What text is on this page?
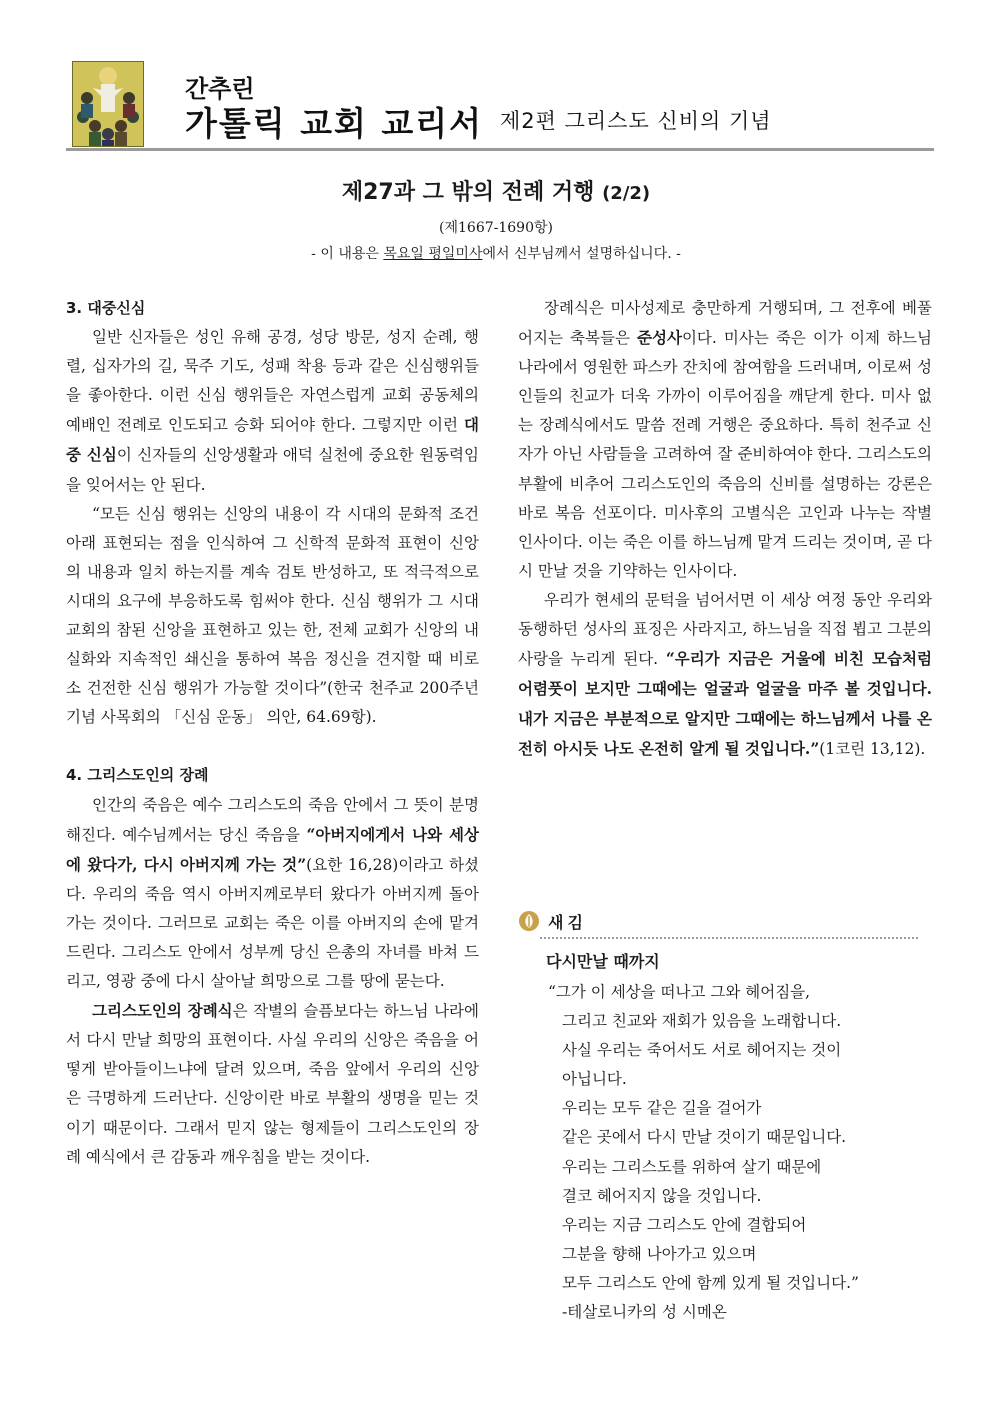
간추린
가톨릭 교회 교리서 제2편 그리스도 신비의 기념
제27과 그 밖의 전례 거행 (2/2)
(제1667-1690항)
- 이 내용은 목요일 평일미사에서 신부님께서 설명하십니다. -

3. 대중신심

일반 신자들은 성인 유해 공경, 성당 방문, 성지 순례, 행렬, 십자가의 길, 묵주 기도, 성패 착용 등과 같은 신심행위들을 좋아한다. 이런 신심 행위들은 자연스럽게 교회 공동체의 예배인 전례로 인도되고 승화 되어야 한다. 그렇지만 이런 대중 신심이 신자들의 신앙생활과 애덕 실천에 중요한 원동력임을 잊어서는 안 된다.

“모든 신심 행위는 신앙의 내용이 각 시대의 문화적 조건 아래 표현되는 점을 인식하여 그 신학적 문화적 표현이 신앙의 내용과 일치 하는지를 계속 검토 반성하고, 또 적극적으로 시대의 요구에 부응하도록 힘써야 한다. 신심 행위가 그 시대 교회의 참된 신앙을 표현하고 있는 한, 전체 교회가 신앙의 내실화와 지속적인 쇄신을 통하여 복음 정신을 견지할 때 비로소 건전한 신심 행위가 가능할 것이다”(한국 천주교 200주년 기념 사목회의 「신심 운동」 의안, 64.69항).

4. 그리스도인의 장례

인간의 죽음은 예수 그리스도의 죽음 안에서 그 뜻이 분명해진다. 예수님께서는 당신 죽음을 “아버지에게서 나와 세상에 왔다가, 다시 아버지께 가는 것”(요한 16,28)이라고 하셨다. 우리의 죽음 역시 아버지께로부터 왔다가 아버지께 돌아가는 것이다. 그러므로 교회는 죽은 이를 아버지의 손에 맡겨 드린다. 그리스도 안에서 성부께 당신 은총의 자녀를 바쳐 드리고, 영광 중에 다시 살아날 희망으로 그를 땅에 묻는다.

그리스도인의 장례식은 작별의 슬픔보다는 하느님 나라에서 다시 만날 희망의 표현이다. 사실 우리의 신앙은 죽음을 어떻게 받아들이느냐에 달려 있으며, 죽음 앞에서 우리의 신앙은 극명하게 드러난다. 신앙이란 바로 부활의 생명을 믿는 것이기 때문이다. 그래서 믿지 않는 형제들이 그리스도인의 장례 예식에서 큰 감동과 깨우침을 받는 것이다.

장례식은 미사성제로 충만하게 거행되며, 그 전후에 베풀어지는 축복들은 준성사이다. 미사는 죽은 이가 이제 하느님 나라에서 영원한 파스카 잔치에 참여함을 드러내며, 이로써 성인들의 친교가 더욱 가까이 이루어짐을 깨닫게 한다. 미사 없는 장례식에서도 말씀 전례 거행은 중요하다. 특히 천주교 신자가 아닌 사람들을 고려하여 잘 준비하여야 한다. 그리스도의 부활에 비추어 그리스도인의 죽음의 신비를 설명하는 강론은 바로 복음 선포이다. 미사후의 고별식은 고인과 나누는 작별 인사이다. 이는 죽은 이를 하느님께 맡겨 드리는 것이며, 곧 다시 만날 것을 기약하는 인사이다.

우리가 현세의 문턱을 넘어서면 이 세상 여정 동안 우리와 동행하던 성사의 표징은 사라지고, 하느님을 직접 뵙고 그분의 사랑을 누리게 된다. “우리가 지금은 거울에 비친 모습처럼 어렴풋이 보지만 그때에는 얼굴과 얼굴을 마주 볼 것입니다. 내가 지금은 부분적으로 알지만 그때에는 하느님께서 나를 온전히 아시듯 나도 온전히 알게 될 것입니다.”(1코린 13,12).

새김
다시만날 때까지
“그가 이 세상을 떠나고 그와 헤어짐을,
그리고 친교와 재회가 있음을 노래합니다.
사실 우리는 죽어서도 서로 헤어지는 것이
아닙니다.
우리는 모두 같은 길을 걸어가
같은 곳에서 다시 만날 것이기 때문입니다.
우리는 그리스도를 위하여 살기 때문에
결코 헤어지지 않을 것입니다.
우리는 지금 그리스도 안에 결합되어
그분을 향해 나아가고 있으며
모두 그리스도 안에 함께 있게 될 것입니다.”
-테살로니카의 성 시메온
